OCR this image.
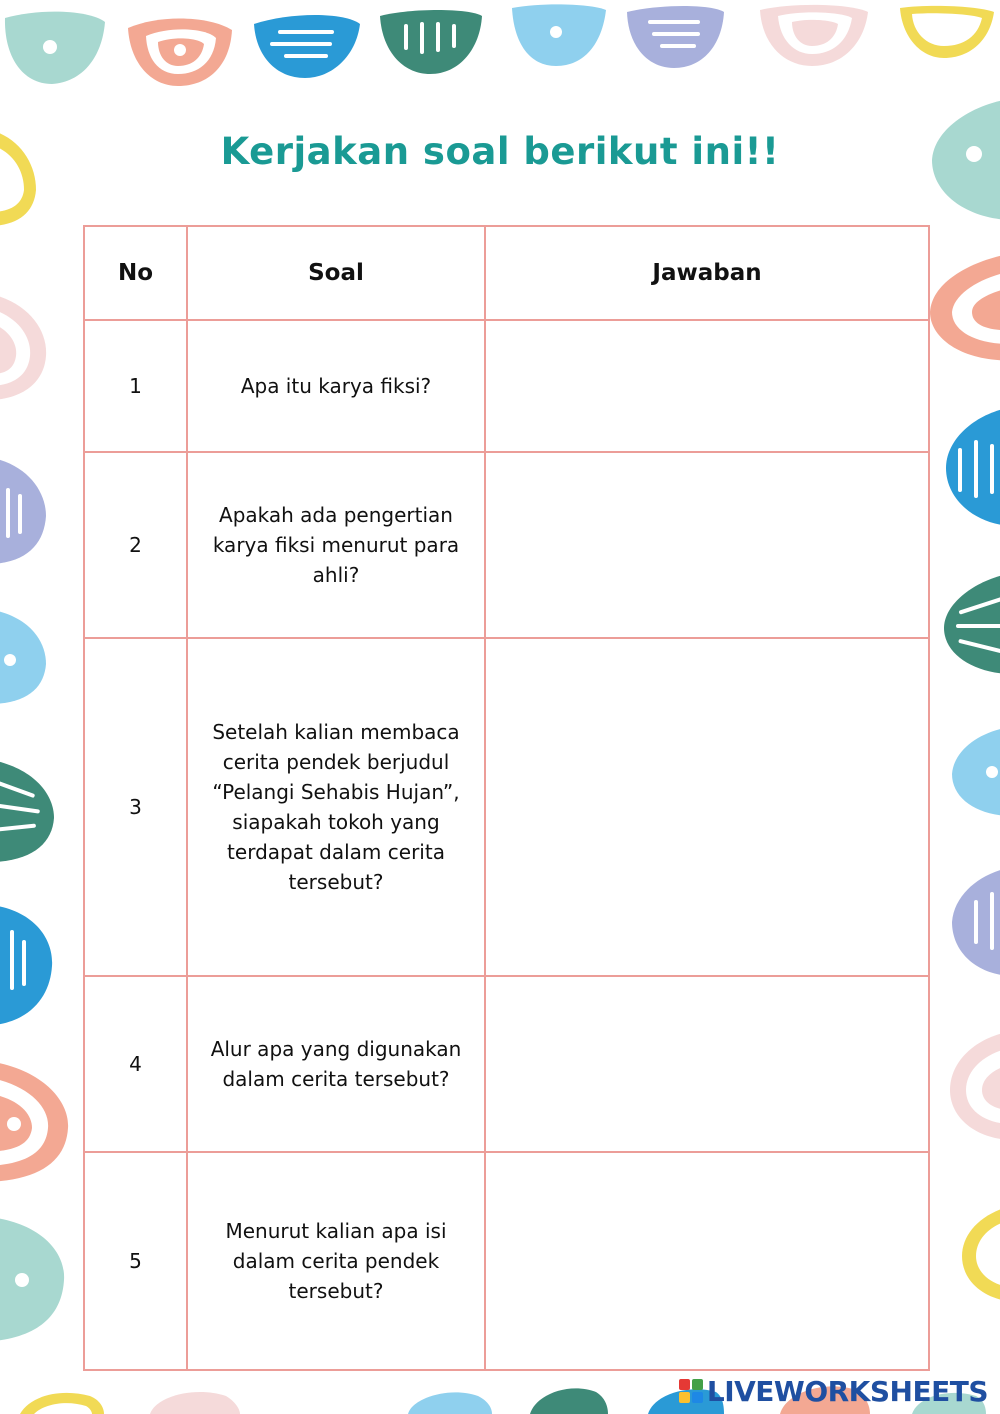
Kerjakan soal berikut ini!!
No	Soal	Jawaban
1	Apa itu karya fiksi?	
2	Apakah ada pengertian karya fiksi menurut para ahli?	
3	Setelah kalian membaca cerita pendek berjudul “Pelangi Sehabis Hujan”, siapakah tokoh yang terdapat dalam cerita tersebut?	
4	Alur apa yang digunakan dalam cerita tersebut?	
5	Menurut kalian apa isi dalam cerita pendek tersebut?	
LIVEWORKSHEETS
